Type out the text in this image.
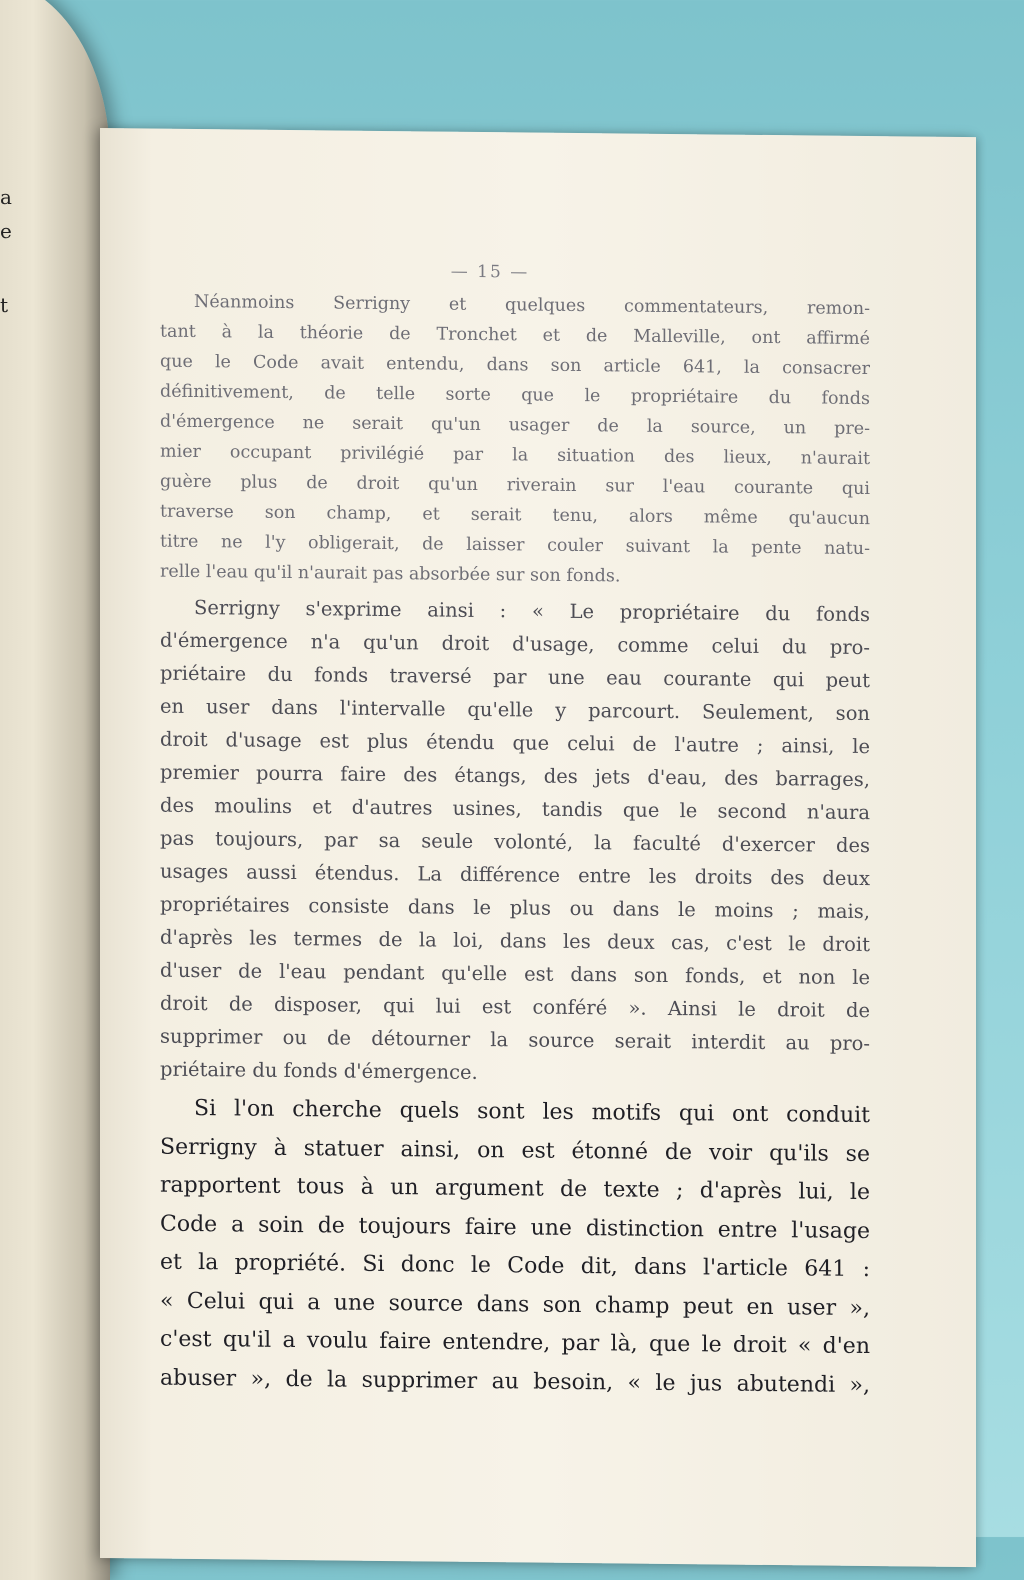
a
e
t
— 15 —
Néanmoins Serrigny et quelques commentateurs, remon-
tant à la théorie de Tronchet et de Malleville, ont affirmé
que le Code avait entendu, dans son article 641, la consacrer
définitivement, de telle sorte que le propriétaire du fonds
d'émergence ne serait qu'un usager de la source, un pre-
mier occupant privilégié par la situation des lieux, n'aurait
guère plus de droit qu'un riverain sur l'eau courante qui
traverse son champ, et serait tenu, alors même qu'aucun
titre ne l'y obligerait, de laisser couler suivant la pente natu-
relle l'eau qu'il n'aurait pas absorbée sur son fonds.
Serrigny s'exprime ainsi : « Le propriétaire du fonds
d'émergence n'a qu'un droit d'usage, comme celui du pro-
priétaire du fonds traversé par une eau courante qui peut
en user dans l'intervalle qu'elle y parcourt. Seulement, son
droit d'usage est plus étendu que celui de l'autre ; ainsi, le
premier pourra faire des étangs, des jets d'eau, des barrages,
des moulins et d'autres usines, tandis que le second n'aura
pas toujours, par sa seule volonté, la faculté d'exercer des
usages aussi étendus. La différence entre les droits des deux
propriétaires consiste dans le plus ou dans le moins ; mais,
d'après les termes de la loi, dans les deux cas, c'est le droit
d'user de l'eau pendant qu'elle est dans son fonds, et non le
droit de disposer, qui lui est conféré ». Ainsi le droit de
supprimer ou de détourner la source serait interdit au pro-
priétaire du fonds d'émergence.
Si l'on cherche quels sont les motifs qui ont conduit
Serrigny à statuer ainsi, on est étonné de voir qu'ils se
rapportent tous à un argument de texte ; d'après lui, le
Code a soin de toujours faire une distinction entre l'usage
et la propriété. Si donc le Code dit, dans l'article 641 :
« Celui qui a une source dans son champ peut en user »,
c'est qu'il a voulu faire entendre, par là, que le droit « d'en
abuser », de la supprimer au besoin, « le jus abutendi »,
